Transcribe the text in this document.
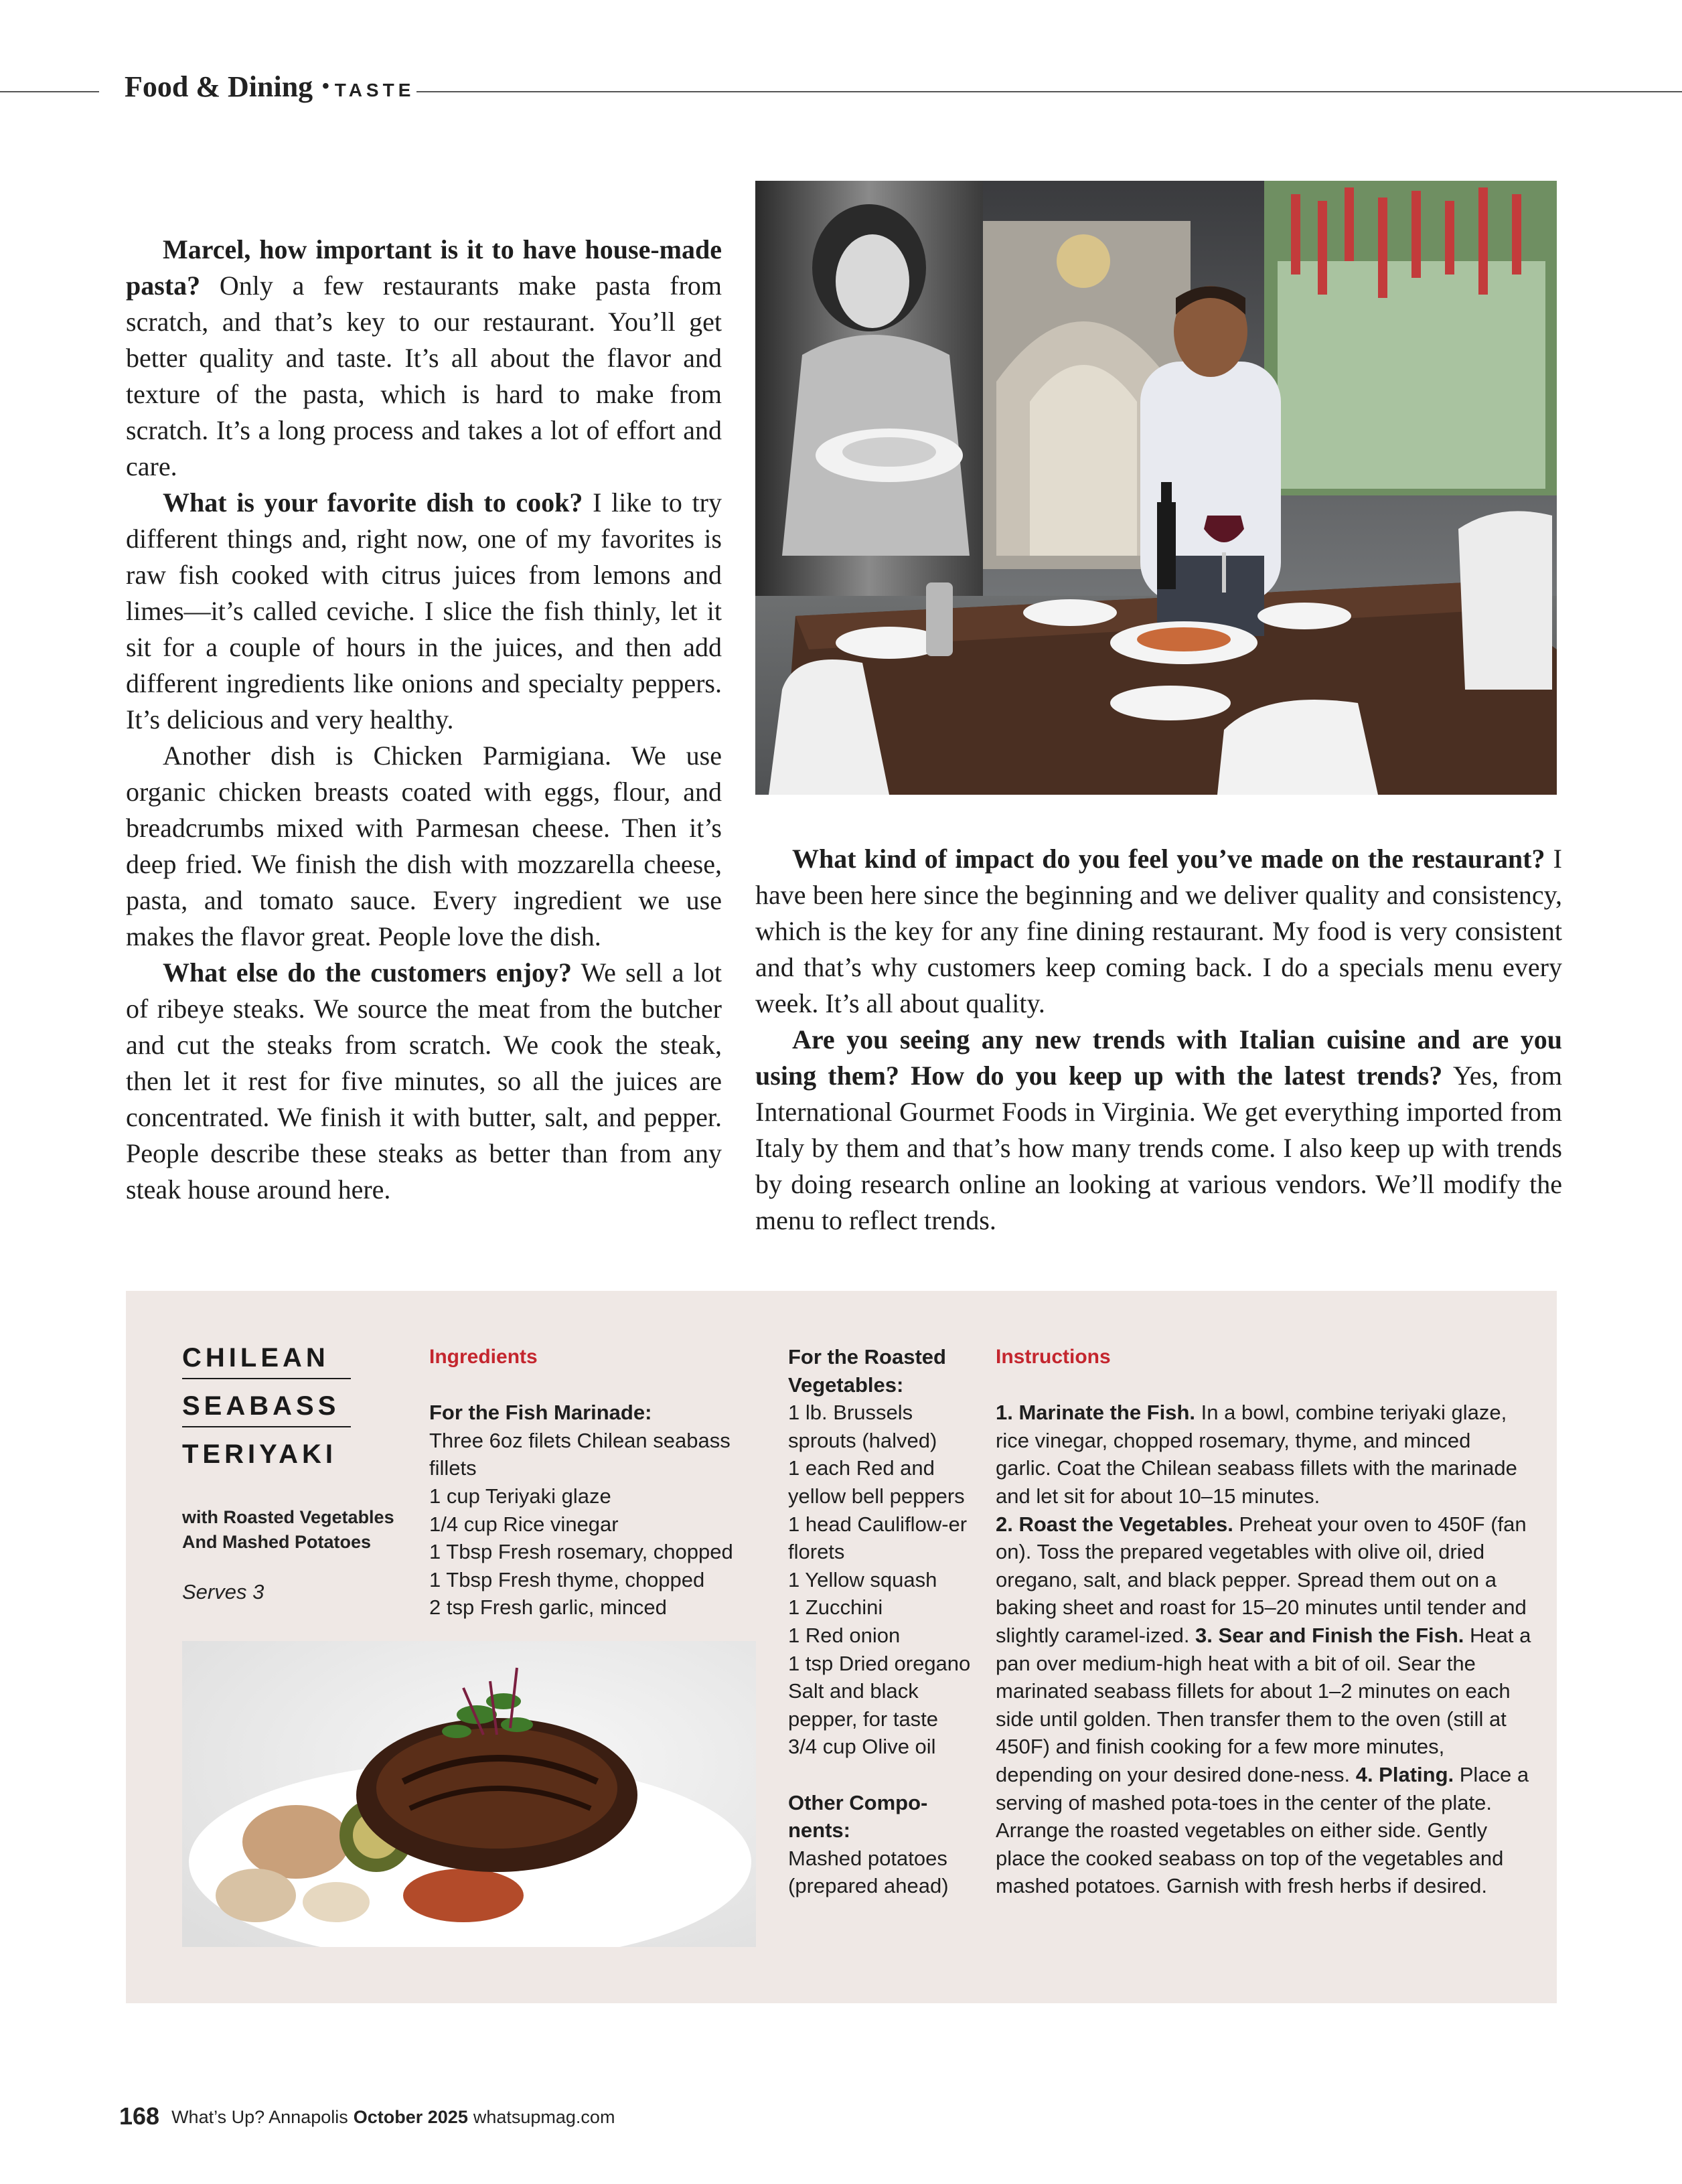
Food & Dining • TASTE

Marcel, how important is it to have house-made pasta? Only a few restaurants make pasta from scratch, and that’s key to our restaurant. You’ll get better quality and taste. It’s all about the flavor and texture of the pasta, which is hard to make from scratch. It’s a long process and takes a lot of effort and care.

What is your favorite dish to cook? I like to try different things and, right now, one of my favorites is raw fish cooked with citrus juices from lemons and limes—it’s called ceviche. I slice the fish thinly, let it sit for a couple of hours in the juices, and then add different ingredients like onions and specialty peppers. It’s delicious and very healthy.

Another dish is Chicken Parmigiana. We use organic chicken breasts coated with eggs, flour, and breadcrumbs mixed with Parmesan cheese. Then it’s deep fried. We finish the dish with mozzarella cheese, pasta, and tomato sauce. Every ingredient we use makes the flavor great. People love the dish.

What else do the customers enjoy? We sell a lot of ribeye steaks. We source the meat from the butcher and cut the steaks from scratch. We cook the steak, then let it rest for five minutes, so all the juices are concentrated. We finish it with butter, salt, and pepper. People describe these steaks as better than from any steak house around here.

What kind of impact do you feel you’ve made on the restaurant? I have been here since the beginning and we deliver quality and consistency, which is the key for any fine dining restaurant. My food is very consistent and that’s why customers keep coming back. I do a specials menu every week. It’s all about quality.

Are you seeing any new trends with Italian cuisine and are you using them? How do you keep up with the latest trends? Yes, from International Gourmet Foods in Virginia. We get everything imported from Italy by them and that’s how many trends come. I also keep up with trends by doing research online an looking at various vendors. We’ll modify the menu to reflect trends.

CHILEAN
SEABASS
TERIYAKI
with Roasted Vegetables
And Mashed Potatoes
Serves 3
Ingredients
For the Fish Marinade:
Three 6oz filets Chilean seabass fillets
1 cup Teriyaki glaze
1/4 cup Rice vinegar
1 Tbsp Fresh rosemary, chopped
1 Tbsp Fresh thyme, chopped
2 tsp Fresh garlic, minced
For the Roasted Vegetables:
1 lb. Brussels sprouts (halved)
1 each Red and yellow bell peppers
1 head Cauliflow-er florets
1 Yellow squash
1 Zucchini
1 Red onion
1 tsp Dried oregano
Salt and black pepper, for taste
3/4 cup Olive oil
Other Compo-nents:
Mashed potatoes (prepared ahead)
Instructions
1. Marinate the Fish. In a bowl, combine teriyaki glaze, rice vinegar, chopped rosemary, thyme, and minced garlic. Coat the Chilean seabass fillets with the marinade and let sit for about 10–15 minutes.
2. Roast the Vegetables. Preheat your oven to 450F (fan on). Toss the prepared vegetables with olive oil, dried oregano, salt, and black pepper. Spread them out on a baking sheet and roast for 15–20 minutes until tender and slightly caramel-ized. 3. Sear and Finish the Fish. Heat a pan over medium-high heat with a bit of oil. Sear the marinated seabass fillets for about 1–2 minutes on each side until golden. Then transfer them to the oven (still at 450F) and finish cooking for a few more minutes, depending on your desired done-ness. 4. Plating. Place a serving of mashed pota-toes in the center of the plate. Arrange the roasted vegetables on either side. Gently place the cooked seabass on top of the vegetables and mashed potatoes. Garnish with fresh herbs if desired.
168 What’s Up? Annapolis October 2025 whatsupmag.com
